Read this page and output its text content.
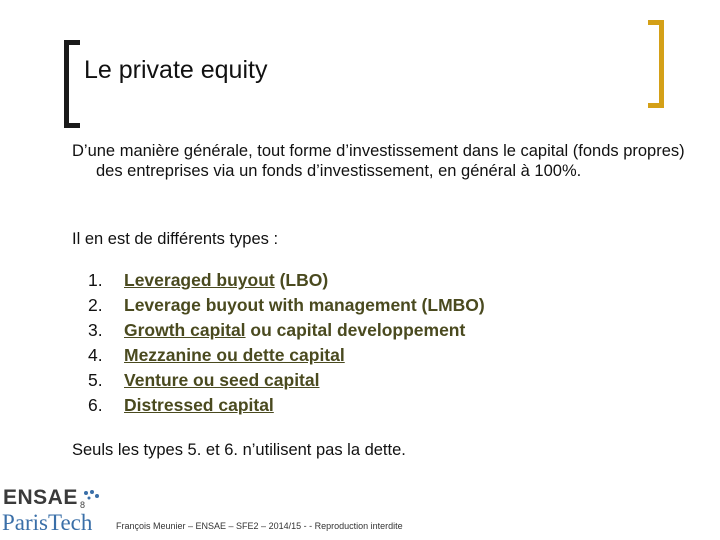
Le private equity
D’une manière générale, tout forme d’investissement dans le capital (fonds propres) des entreprises via un fonds d’investissement, en général à 100%.
Il en est de différents types :
1.	Leveraged buyout (LBO)
2.	Leverage buyout with management (LMBO)
3.	Growth capital ou capital developpement
4.	Mezzanine ou dette capital
5.	Venture ou seed capital
6.	Distressed capital
Seuls les types 5. et 6. n’utilisent pas la dette.
ENSAE
ParisTech
8
François Meunier – ENSAE – SFE2 – 2014/15 - - Reproduction interdite
